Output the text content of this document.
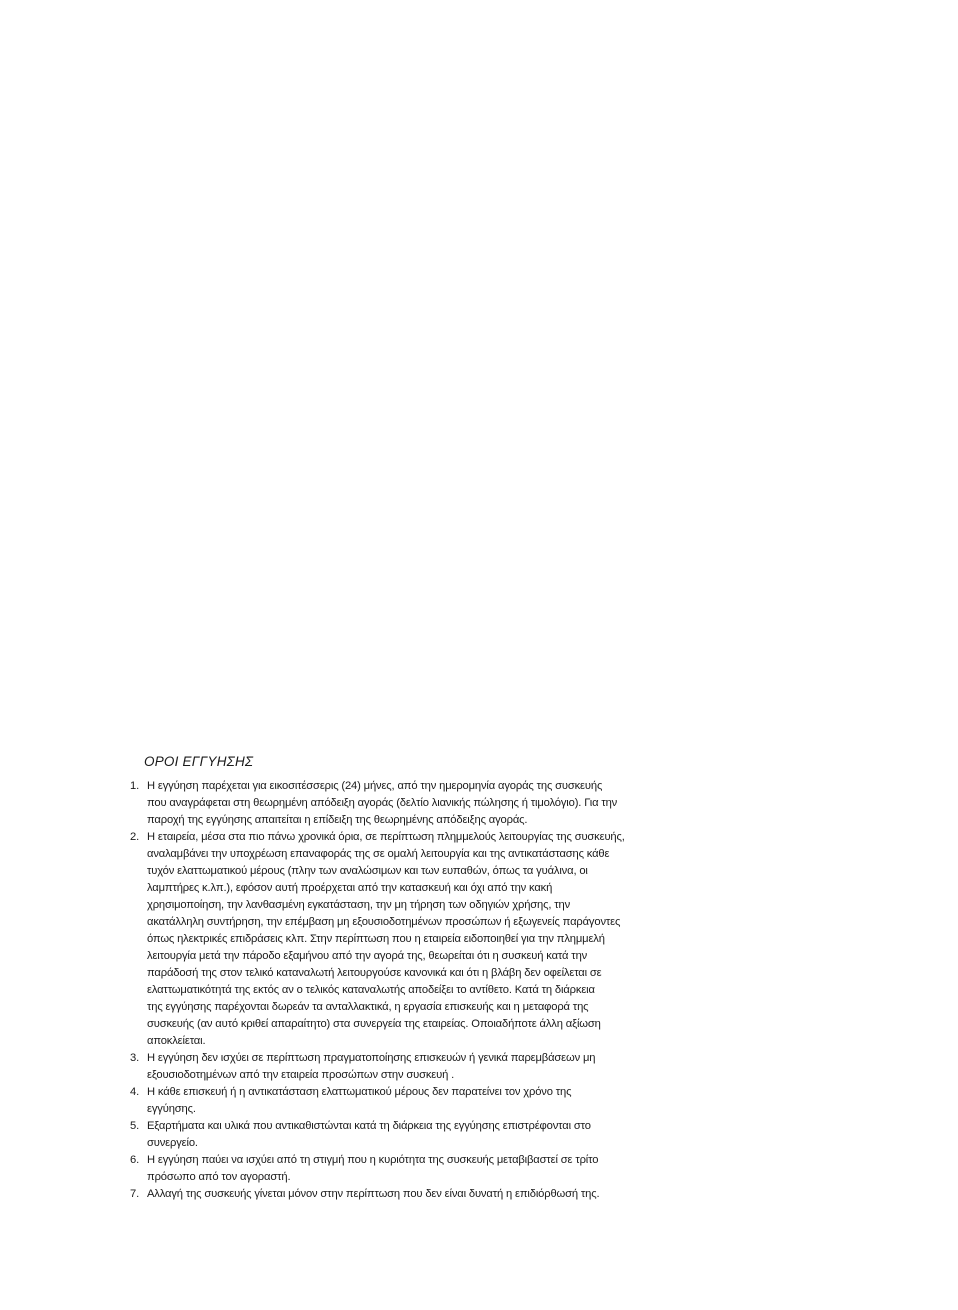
ΟΡΟΙ ΕΓΓΥΗΣΗΣ
1. Η εγγύηση παρέχεται για εικοσιτέσσερις (24) μήνες, από την ημερομηνία αγοράς της συσκευής
που αναγράφεται στη θεωρημένη απόδειξη αγοράς (δελτίο λιανικής πώλησης ή τιμολόγιο). Για την
παροχή της εγγύησης απαιτείται η επίδειξη της θεωρημένης απόδειξης αγοράς.
2. Η εταιρεία, μέσα στα πιο πάνω χρονικά όρια, σε περίπτωση πλημμελούς λειτουργίας της συσκευής,
αναλαμβάνει την υποχρέωση επαναφοράς της σε ομαλή λειτουργία και της αντικατάστασης κάθε
τυχόν ελαττωματικού μέρους (πλην των αναλώσιμων και των ευπαθών, όπως τα γυάλινα, οι
λαμπτήρες κ.λπ.), εφόσον αυτή προέρχεται από την κατασκευή και όχι από την κακή
χρησιμοποίηση, την λανθασμένη εγκατάσταση, την μη τήρηση των οδηγιών χρήσης, την
ακατάλληλη συντήρηση, την επέμβαση μη εξουσιοδοτημένων προσώπων ή εξωγενείς παράγοντες
όπως ηλεκτρικές επιδράσεις κλπ. Στην περίπτωση που η εταιρεία ειδοποιηθεί για την πλημμελή
λειτουργία μετά την πάροδο εξαμήνου από την αγορά της, θεωρείται ότι η συσκευή κατά την
παράδοσή της στον τελικό καταναλωτή λειτουργούσε κανονικά και ότι η βλάβη δεν οφείλεται σε
ελαττωματικότητά της εκτός αν ο τελικός καταναλωτής αποδείξει το αντίθετο. Κατά τη διάρκεια
της εγγύησης παρέχονται δωρεάν τα ανταλλακτικά, η εργασία επισκευής και η μεταφορά της
συσκευής (αν αυτό κριθεί απαραίτητο) στα συνεργεία της εταιρείας. Οποιαδήποτε άλλη αξίωση
αποκλείεται.
3. Η εγγύηση δεν ισχύει σε περίπτωση πραγματοποίησης επισκευών ή γενικά παρεμβάσεων μη
εξουσιοδοτημένων από την εταιρεία προσώπων στην συσκευή .
4. Η κάθε επισκευή ή η αντικατάσταση ελαττωματικού μέρους δεν παρατείνει τον χρόνο της
εγγύησης.
5. Εξαρτήματα και υλικά που αντικαθιστώνται κατά τη διάρκεια της εγγύησης επιστρέφονται στο
συνεργείο.
6. Η εγγύηση παύει να ισχύει από τη στιγμή που η κυριότητα της συσκευής μεταβιβαστεί σε τρίτο
πρόσωπο από τον αγοραστή.
7. Αλλαγή της συσκευής γίνεται μόνον στην περίπτωση που δεν είναι δυνατή η επιδιόρθωσή της.
